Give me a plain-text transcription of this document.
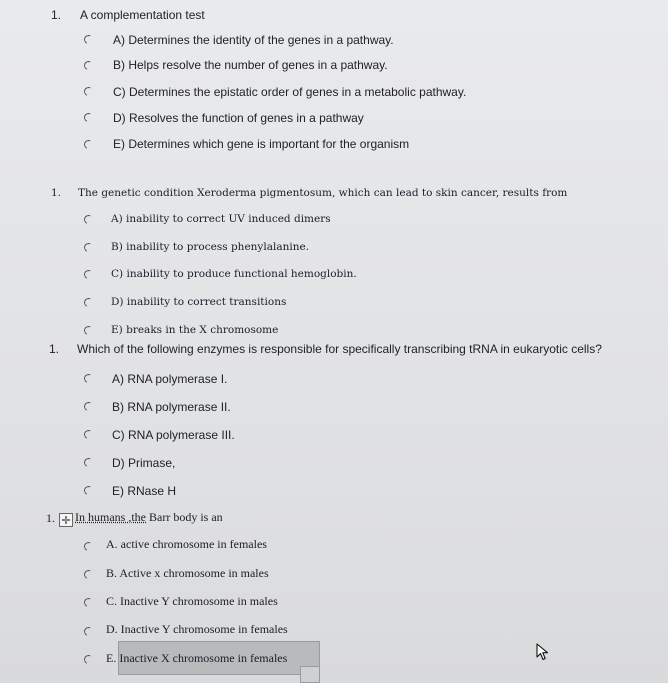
1. A complementation test
A) Determines the identity of the genes in a pathway.
B) Helps resolve the number of genes in a pathway.
C) Determines the epistatic order of genes in a metabolic pathway.
D) Resolves the function of genes in a pathway
E) Determines which gene is important for the organism
1. The genetic condition Xeroderma pigmentosum, which can lead to skin cancer, results from
A) inability to correct UV induced dimers
B) inability to process phenylalanine.
C) inability to produce functional hemoglobin.
D) inability to correct transitions
E) breaks in the X chromosome
1. Which of the following enzymes is responsible for specifically transcribing tRNA in eukaryotic cells?
A) RNA polymerase I.
B) RNA polymerase II.
C) RNA polymerase III.
D) Primase,
E) RNase H
1. ✛ In humans ,the Barr body is an
A. active chromosome in females
B. Active x chromosome in males
C. Inactive Y chromosome in males
D. Inactive Y chromosome in females
E. Inactive X chromosome in females
